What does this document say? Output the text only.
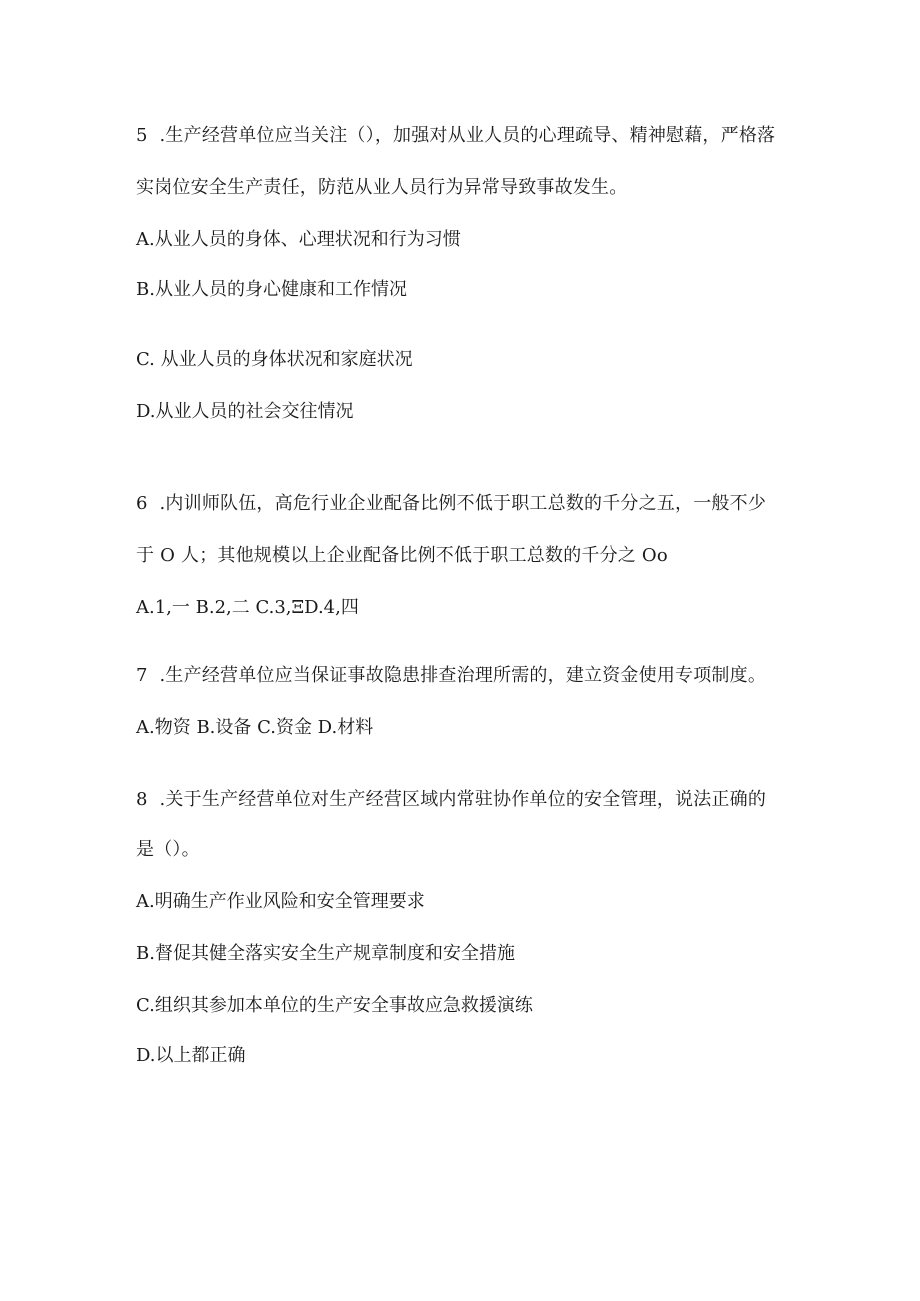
5  .生产经营单位应当关注（），加强对从业人员的心理疏导、精神慰藉，严格落
实岗位安全生产责任，防范从业人员行为异常导致事故发生。
A.从业人员的身体、心理状况和行为习惯
B.从业人员的身心健康和工作情况
C. 从业人员的身体状况和家庭状况
D.从业人员的社会交往情况
6  .内训师队伍，高危行业企业配备比例不低于职工总数的千分之五，一般不少
于 O 人；其他规模以上企业配备比例不低于职工总数的千分之 Oo
A.1,一 B.2,二 C.3,ΞD.4,四
7  .生产经营单位应当保证事故隐患排查治理所需的，建立资金使用专项制度。
A.物资 B.设备 C.资金 D.材料
8  .关于生产经营单位对生产经营区域内常驻协作单位的安全管理，说法正确的
是（）。
A.明确生产作业风险和安全管理要求
B.督促其健全落实安全生产规章制度和安全措施
C.组织其参加本单位的生产安全事故应急救援演练
D.以上都正确
